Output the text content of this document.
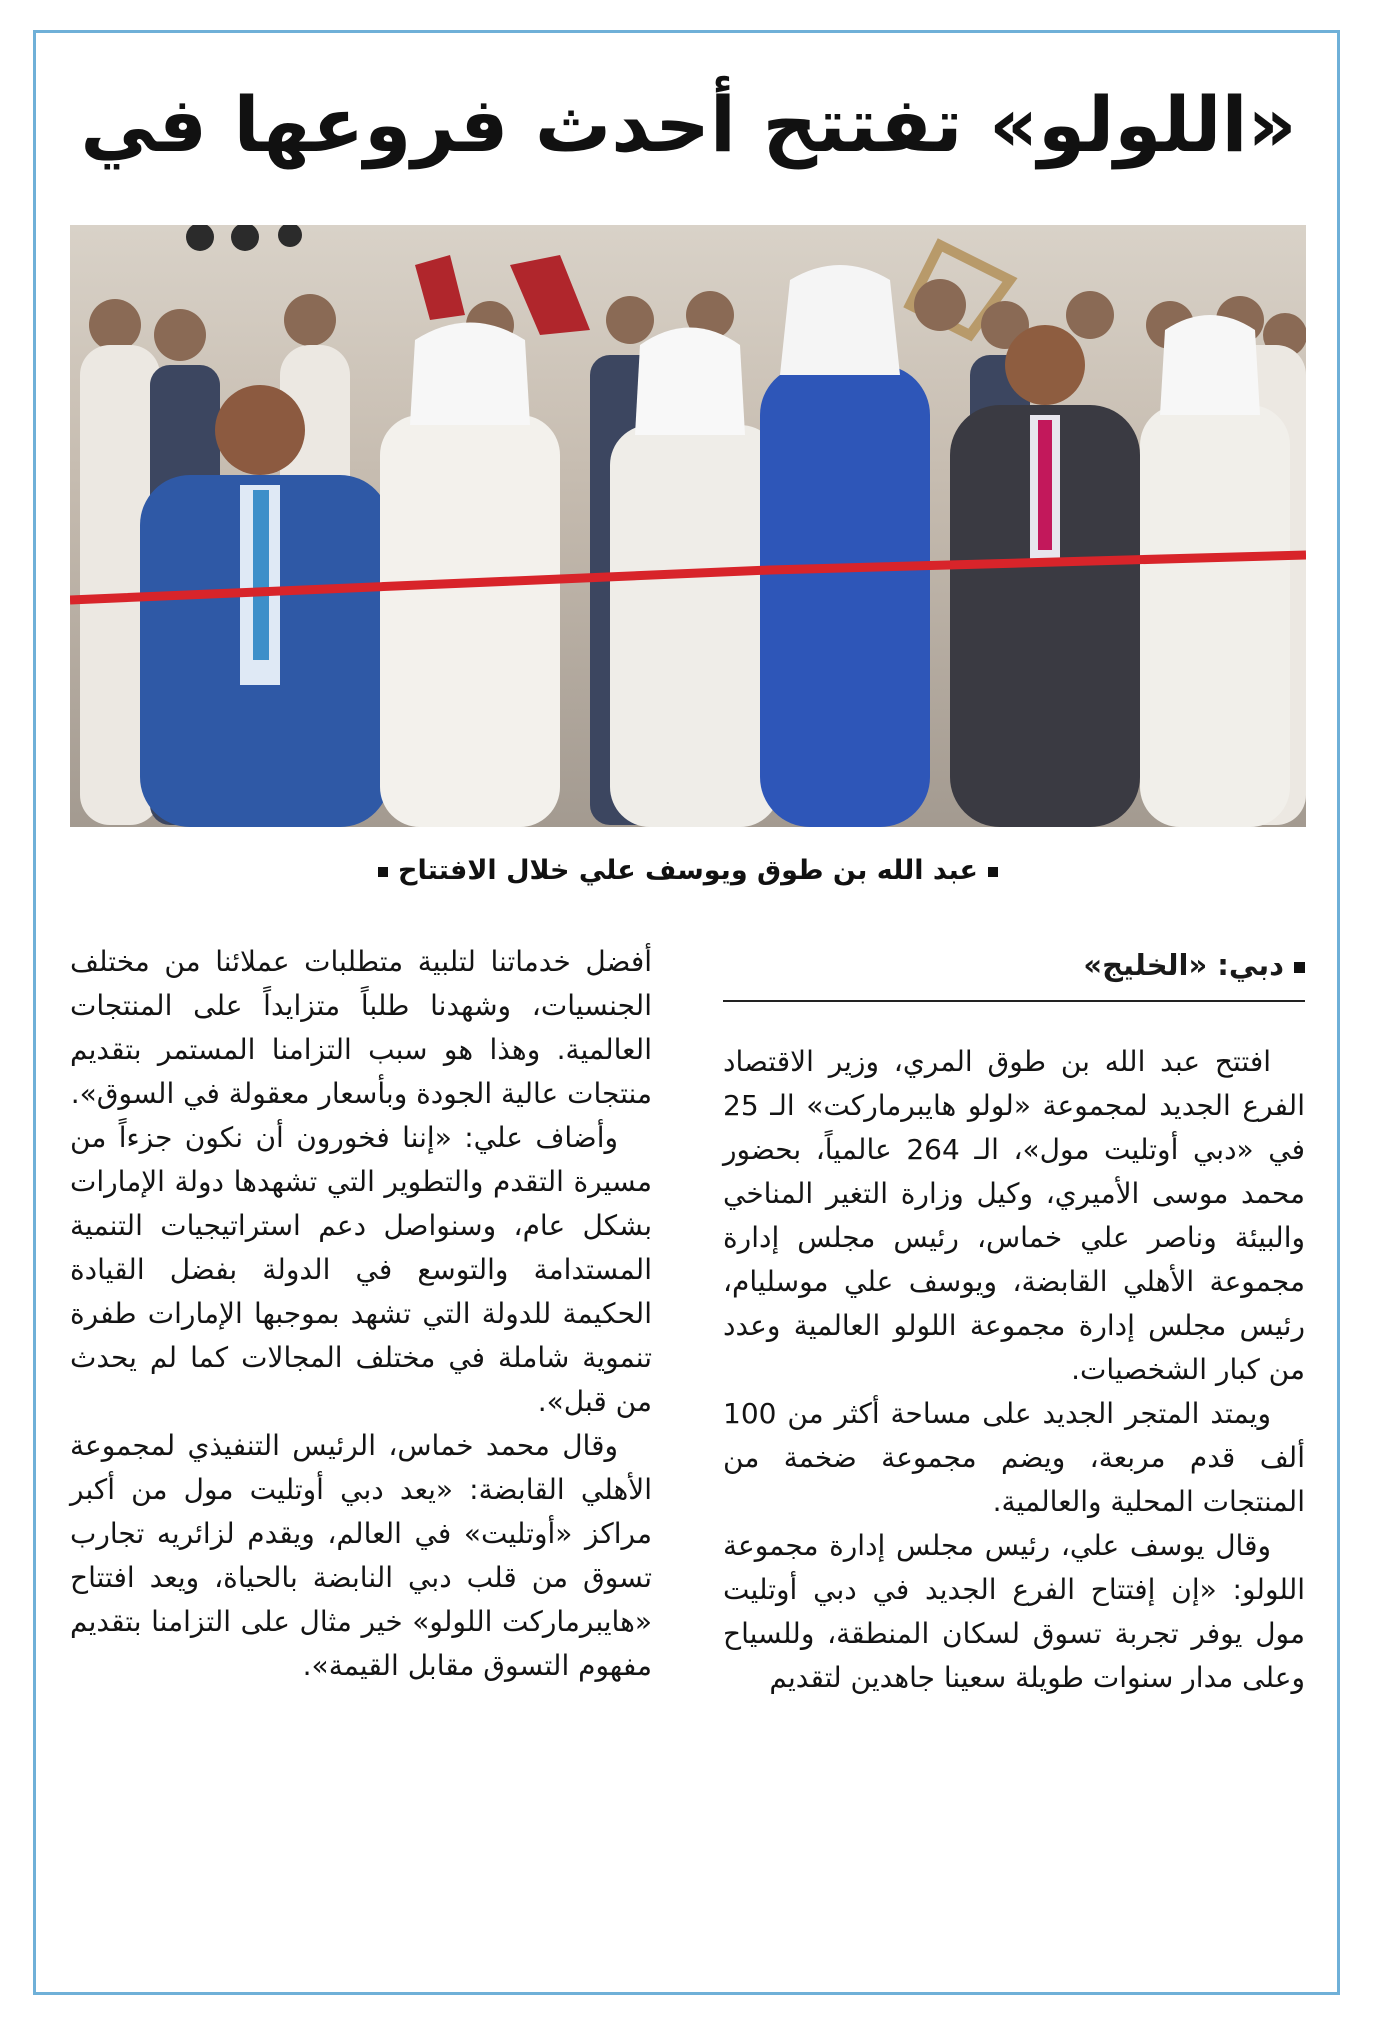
«اللولو» تفتتح أحدث فروعها في
عبد الله بن طوق ويوسف علي خلال الافتتاح
دبي: «الخليج»

افتتح عبد الله بن طوق المري، وزير الاقتصاد الفرع الجديد لمجموعة «لولو هايبرماركت» الـ 25 في «دبي أوتليت مول»، الـ 264 عالمياً، بحضور محمد موسى الأميري، وكيل وزارة التغير المناخي والبيئة وناصر علي خماس، رئيس مجلس إدارة مجموعة الأهلي القابضة، ويوسف علي موسليام، رئيس مجلس إدارة مجموعة اللولو العالمية وعدد من كبار الشخصيات.

ويمتد المتجر الجديد على مساحة أكثر من 100 ألف قدم مربعة، ويضم مجموعة ضخمة من المنتجات المحلية والعالمية.

وقال يوسف علي، رئيس مجلس إدارة مجموعة اللولو: «إن إفتتاح الفرع الجديد في دبي أوتليت مول يوفر تجربة تسوق لسكان المنطقة، وللسياح وعلى مدار سنوات طويلة سعينا جاهدين لتقديم

أفضل خدماتنا لتلبية متطلبات عملائنا من مختلف الجنسيات، وشهدنا طلباً متزايداً على المنتجات العالمية. وهذا هو سبب التزامنا المستمر بتقديم منتجات عالية الجودة وبأسعار معقولة في السوق».

وأضاف علي: «إننا فخورون أن نكون جزءاً من مسيرة التقدم والتطوير التي تشهدها دولة الإمارات بشكل عام، وسنواصل دعم استراتيجيات التنمية المستدامة والتوسع في الدولة بفضل القيادة الحكيمة للدولة التي تشهد بموجبها الإمارات طفرة تنموية شاملة في مختلف المجالات كما لم يحدث من قبل».

وقال محمد خماس، الرئيس التنفيذي لمجموعة الأهلي القابضة: «يعد دبي أوتليت مول من أكبر مراكز «أوتليت» في العالم، ويقدم لزائريه تجارب تسوق من قلب دبي النابضة بالحياة، ويعد افتتاح «هايبرماركت اللولو» خير مثال على التزامنا بتقديم مفهوم التسوق مقابل القيمة».
